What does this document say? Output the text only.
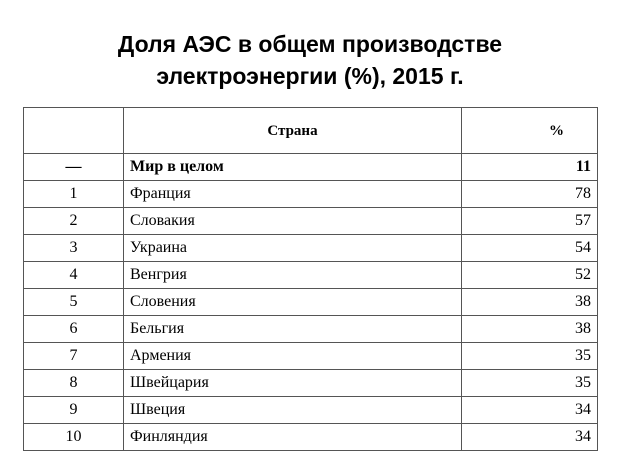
Доля АЭС в общем производстве
электроэнергии (%), 2015 г.
	Страна	%
—	Мир в целом	11
1	Франция	78
2	Словакия	57
3	Украина	54
4	Венгрия	52
5	Словения	38
6	Бельгия	38
7	Армения	35
8	Швейцария	35
9	Швеция	34
10	Финляндия	34
